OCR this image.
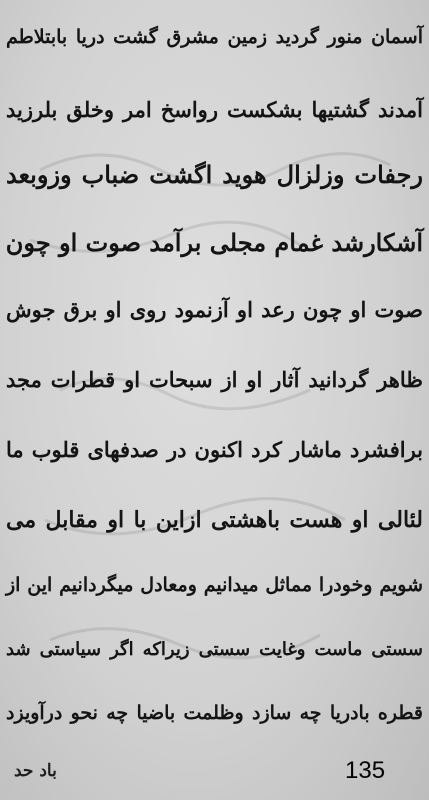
آسمان منور گردید زمین مشرق گشت دریا بابتلاطم
آمدند گشتیها بشکست رواسخ امر وخلق بلرزید
رجفات وزلزال هوید اگشت ضباب وزوبعد
آشکارشد غمام مجلی برآمد صوت او چون
صوت او چون رعد او آزنمود روی او برق جوش
ظاهر گردانید آثار او از سبحات او قطرات مجد
برافشرد ماشار کرد اکنون در صدفهای قلوب ما
لئالی او هست باهشتی ازاین با او مقابل می
شویم وخودرا مماثل میدانیم ومعادل میگردانیم این از
سستی ماست وغایت سستی زیراکه اگر سیاستی شد
قطره بادریا چه سازد وظلمت باضیا چه نحو درآویزد
باد حد	135
